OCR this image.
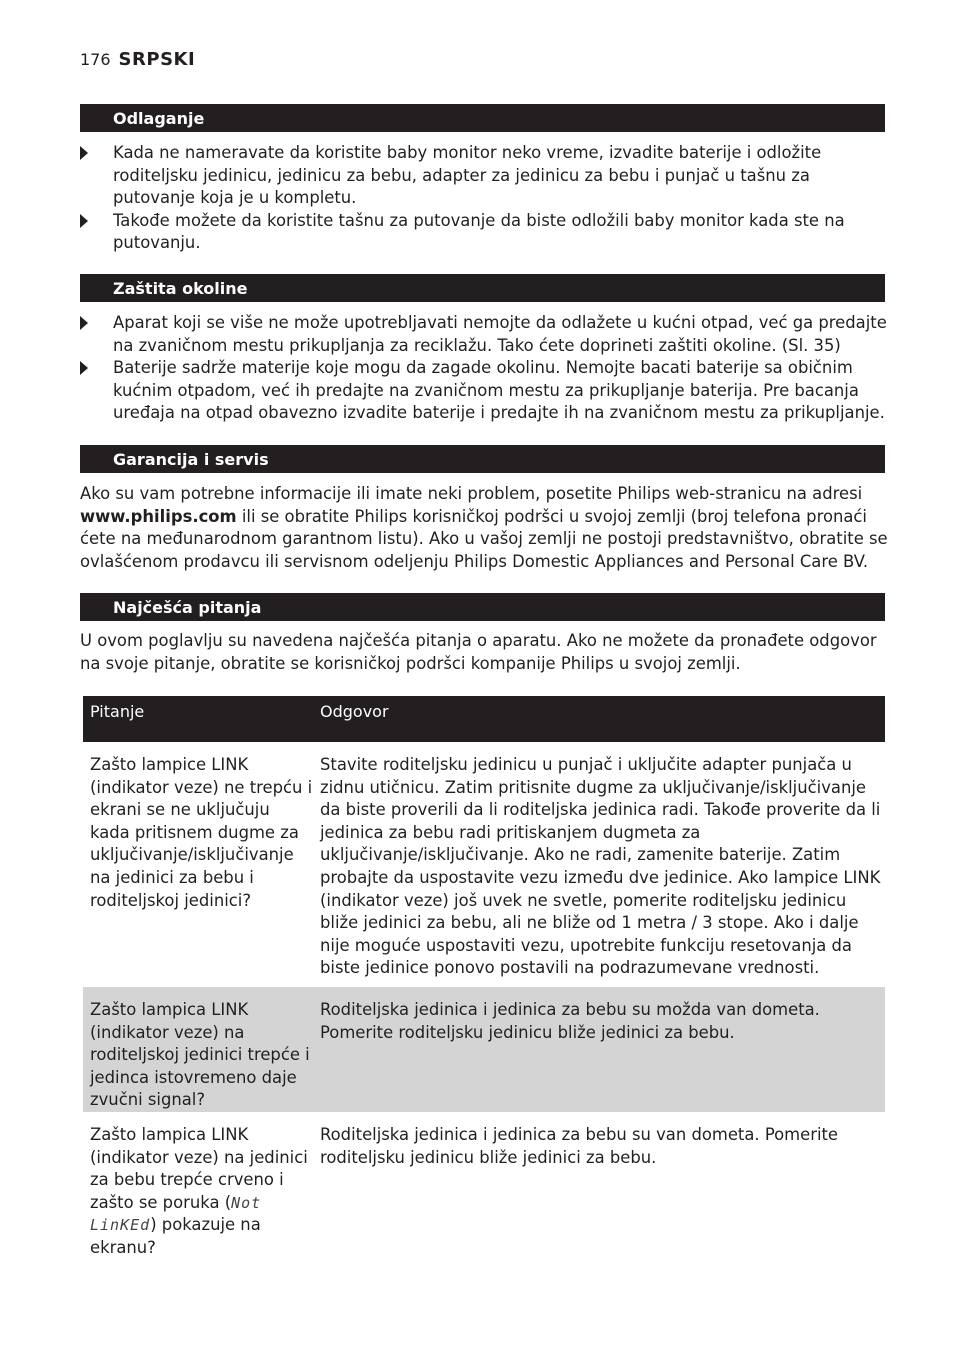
176 SRPSKI
Odlaganje
Kada ne nameravate da koristite baby monitor neko vreme, izvadite baterije i odložite roditeljsku jedinicu, jedinicu za bebu, adapter za jedinicu za bebu i punjač u tašnu za putovanje koja je u kompletu.
Takođe možete da koristite tašnu za putovanje da biste odložili baby monitor kada ste na putovanju.
Zaštita okoline
Aparat koji se više ne može upotrebljavati nemojte da odlažete u kućni otpad, već ga predajte na zvaničnom mestu prikupljanja za reciklažu. Tako ćete doprineti zaštiti okoline. (Sl. 35)
Baterije sadrže materije koje mogu da zagade okolinu. Nemojte bacati baterije sa običnim kućnim otpadom, već ih predajte na zvaničnom mestu za prikupljanje baterija. Pre bacanja uređaja na otpad obavezno izvadite baterije i predajte ih na zvaničnom mestu za prikupljanje.
Garancija i servis

Ako su vam potrebne informacije ili imate neki problem, posetite Philips web-stranicu na adresi www.philips.com ili se obratite Philips korisničkoj podršci u svojoj zemlji (broj telefona pronaći ćete na međunarodnom garantnom listu). Ako u vašoj zemlji ne postoji predstavništvo, obratite se ovlašćenom prodavcu ili servisnom odeljenju Philips Domestic Appliances and Personal Care BV.

Najčešća pitanja

U ovom poglavlju su navedena najčešća pitanja o aparatu. Ako ne možete da pronađete odgovor na svoje pitanje, obratite se korisničkoj podršci kompanije Philips u svojoj zemlji.

Pitanje	Odgovor
Zašto lampice LINK (indikator veze) ne trepću i ekrani se ne uključuju kada pritisnem dugme za uključivanje/isključivanje na jedinici za bebu i roditeljskoj jedinici?
Stavite roditeljsku jedinicu u punjač i uključite adapter punjača u zidnu utičnicu. Zatim pritisnite dugme za uključivanje/isključivanje da biste proverili da li roditeljska jedinica radi. Takođe proverite da li jedinica za bebu radi pritiskanjem dugmeta za uključivanje/isključivanje. Ako ne radi, zamenite baterije. Zatim probajte da uspostavite vezu između dve jedinice. Ako lampice LINK (indikator veze) još uvek ne svetle, pomerite roditeljsku jedinicu bliže jedinici za bebu, ali ne bliže od 1 metra / 3 stope. Ako i dalje nije moguće uspostaviti vezu, upotrebite funkciju resetovanja da biste jedinice ponovo postavili na podrazumevane vrednosti.
Zašto lampica LINK (indikator veze) na roditeljskoj jedinici trepće i jedinca istovremeno daje zvučni signal?
Roditeljska jedinica i jedinica za bebu su možda van dometa. Pomerite roditeljsku jedinicu bliže jedinici za bebu.
Zašto lampica LINK (indikator veze) na jedinici za bebu trepće crveno i zašto se poruka (Not LinKEd) pokazuje na ekranu?
Roditeljska jedinica i jedinica za bebu su van dometa. Pomerite roditeljsku jedinicu bliže jedinici za bebu.
